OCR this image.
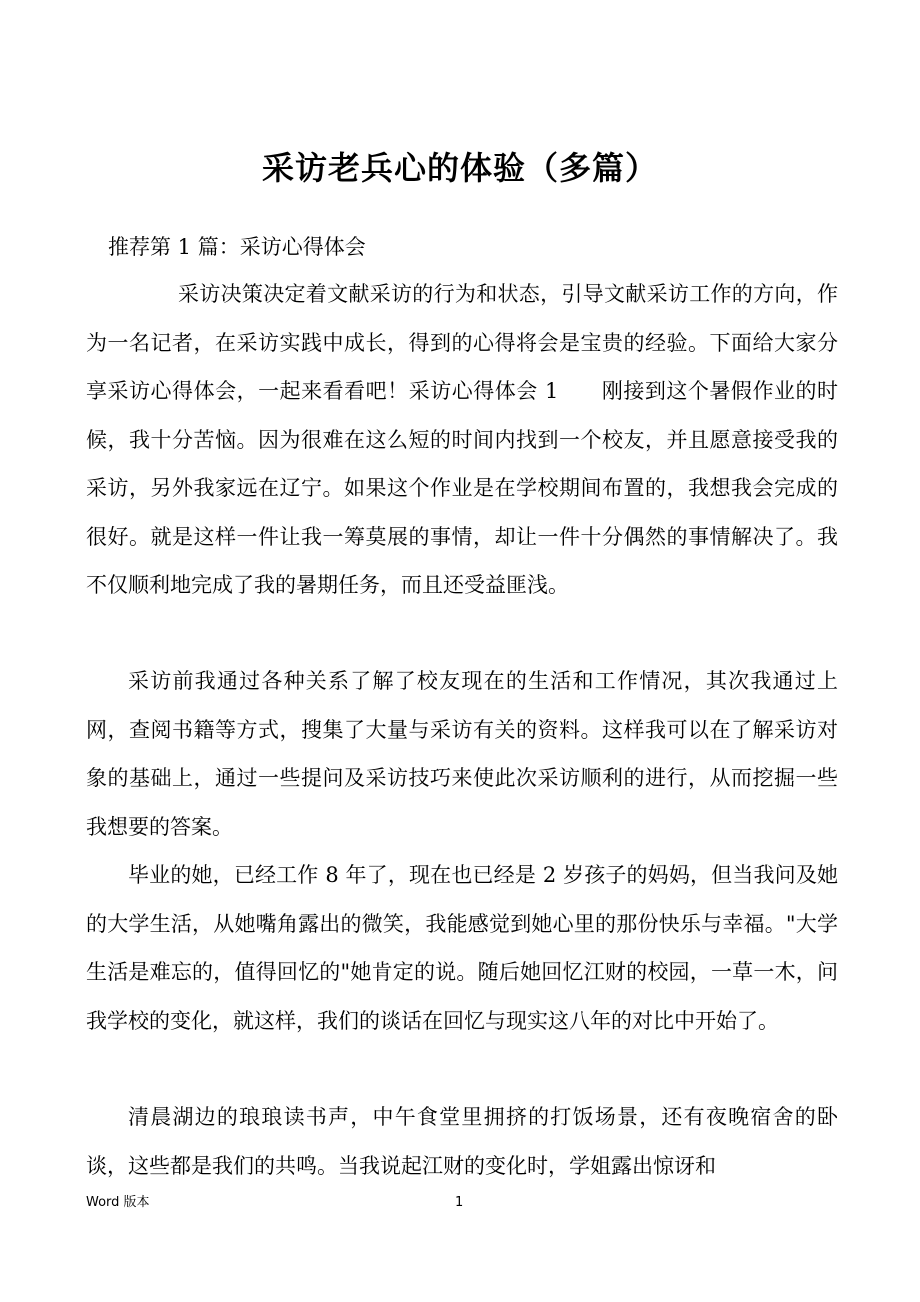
采访老兵心的体验（多篇）

推荐第 1 篇：采访心得体会

采访决策决定着文献采访的行为和状态，引导文献采访工作的方向，作为一名记者，在采访实践中成长，得到的心得将会是宝贵的经验。下面给大家分享采访心得体会，一起来看看吧！采访心得体会 1　　刚接到这个暑假作业的时候，我十分苦恼。因为很难在这么短的时间内找到一个校友，并且愿意接受我的采访，另外我家远在辽宁。如果这个作业是在学校期间布置的，我想我会完成的很好。就是这样一件让我一筹莫展的事情，却让一件十分偶然的事情解决了。我不仅顺利地完成了我的暑期任务，而且还受益匪浅。

采访前我通过各种关系了解了校友现在的生活和工作情况，其次我通过上网，查阅书籍等方式，搜集了大量与采访有关的资料。这样我可以在了解采访对象的基础上，通过一些提问及采访技巧来使此次采访顺利的进行，从而挖掘一些我想要的答案。

毕业的她，已经工作 8 年了，现在也已经是 2 岁孩子的妈妈，但当我问及她的大学生活，从她嘴角露出的微笑，我能感觉到她心里的那份快乐与幸福。"大学生活是难忘的，值得回忆的"她肯定的说。随后她回忆江财的校园，一草一木，问我学校的变化，就这样，我们的谈话在回忆与现实这八年的对比中开始了。

清晨湖边的琅琅读书声，中午食堂里拥挤的打饭场景，还有夜晚宿舍的卧谈，这些都是我们的共鸣。当我说起江财的变化时，学姐露出惊讶和

Word 版本	1
